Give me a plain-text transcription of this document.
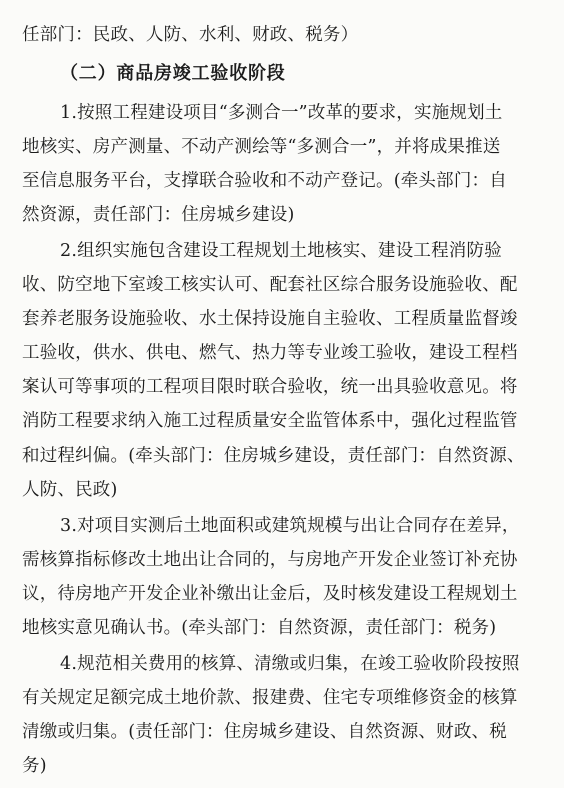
任部门：民政、人防、水利、财政、税务）
（二）商品房竣工验收阶段
1.按照工程建设项目“多测合一”改革的要求，实施规划土
地核实、房产测量、不动产测绘等“多测合一”，并将成果推送
至信息服务平台，支撑联合验收和不动产登记。(牵头部门：自
然资源，责任部门：住房城乡建设)
2.组织实施包含建设工程规划土地核实、建设工程消防验
收、防空地下室竣工核实认可、配套社区综合服务设施验收、配
套养老服务设施验收、水土保持设施自主验收、工程质量监督竣
工验收，供水、供电、燃气、热力等专业竣工验收，建设工程档
案认可等事项的工程项目限时联合验收，统一出具验收意见。将
消防工程要求纳入施工过程质量安全监管体系中，强化过程监管
和过程纠偏。(牵头部门：住房城乡建设，责任部门：自然资源、
人防、民政)
3.对项目实测后土地面积或建筑规模与出让合同存在差异，
需核算指标修改土地出让合同的，与房地产开发企业签订补充协
议，待房地产开发企业补缴出让金后，及时核发建设工程规划土
地核实意见确认书。(牵头部门：自然资源，责任部门：税务)
4.规范相关费用的核算、清缴或归集，在竣工验收阶段按照
有关规定足额完成土地价款、报建费、住宅专项维修资金的核算
清缴或归集。(责任部门：住房城乡建设、自然资源、财政、税
务)
